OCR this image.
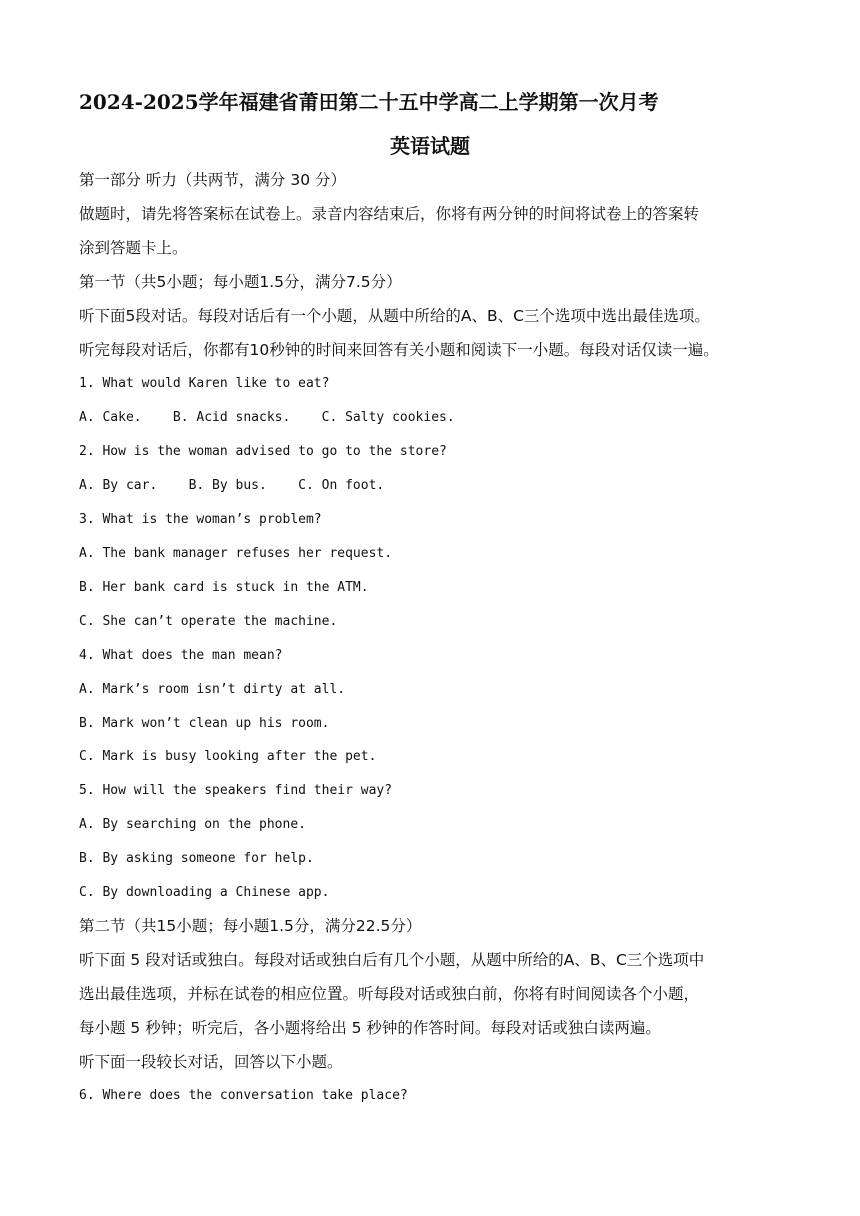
2024-2025学年福建省莆田第二十五中学高二上学期第一次月考
英语试题

第一部分 听力（共两节，满分 30 分）

做题时，请先将答案标在试卷上。录音内容结束后，你将有两分钟的时间将试卷上的答案转

涂到答题卡上。

第一节（共5小题；每小题1.5分，满分7.5分）

听下面5段对话。每段对话后有一个小题，从题中所给的A、B、C三个选项中选出最佳选项。

听完每段对话后，你都有10秒钟的时间来回答有关小题和阅读下一小题。每段对话仅读一遍。

1. What would Karen like to eat?

A. Cake.    B. Acid snacks.    C. Salty cookies.

2. How is the woman advised to go to the store?

A. By car.    B. By bus.    C. On foot.

3. What is the woman’s problem?

A. The bank manager refuses her request.

B. Her bank card is stuck in the ATM.

C. She can’t operate the machine.

4. What does the man mean?

A. Mark’s room isn’t dirty at all.

B. Mark won’t clean up his room.

C. Mark is busy looking after the pet.

5. How will the speakers find their way?

A. By searching on the phone.

B. By asking someone for help.

C. By downloading a Chinese app.

第二节（共15小题；每小题1.5分，满分22.5分）

听下面 5 段对话或独白。每段对话或独白后有几个小题，从题中所给的A、B、C三个选项中

选出最佳选项，并标在试卷的相应位置。听每段对话或独白前，你将有时间阅读各个小题，

每小题 5 秒钟；听完后，各小题将给出 5 秒钟的作答时间。每段对话或独白读两遍。

听下面一段较长对话，回答以下小题。

6. Where does the conversation take place?
